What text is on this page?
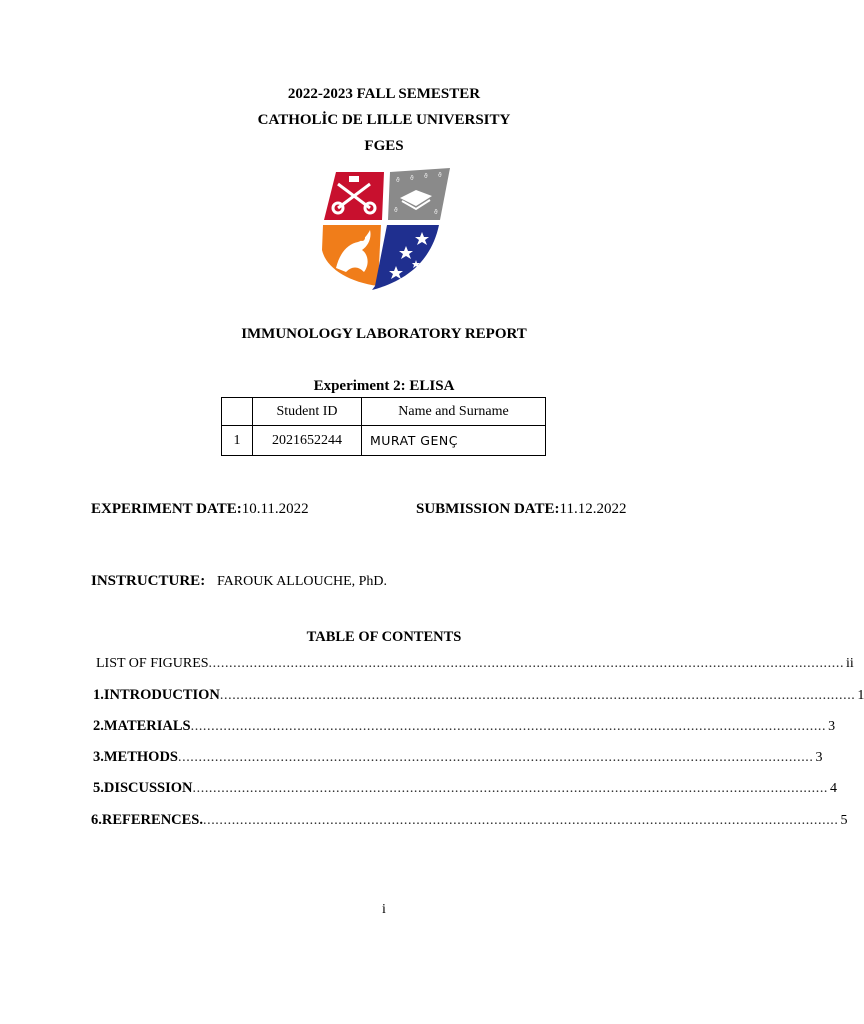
2022-2023 FALL SEMESTER
CATHOLİC DE LILLE UNIVERSITY
FGES
ϑ ϑ ϑ ϑ
ϑ	ϑ
IMMUNOLOGY LABORATORY REPORT
Experiment 2: ELISA
	Student ID	Name and Surname
1	2021652244	MURAT GENÇ
EXPERIMENT DATE:10.11.2022	SUBMISSION DATE:11.12.2022
INSTRUCTURE: FAROUK ALLOUCHE, PhD.
TABLE OF CONTENTS
LIST OF FIGURES ........................................................................................................................................................... ii
1.INTRODUCTION ........................................................................................................................................................... 1
2.MATERIALS ........................................................................................................................................................... 3
3.METHODS ........................................................................................................................................................... 3
5.DISCUSSION ........................................................................................................................................................... 4
6.REFERENCES. ........................................................................................................................................................... 5
i
